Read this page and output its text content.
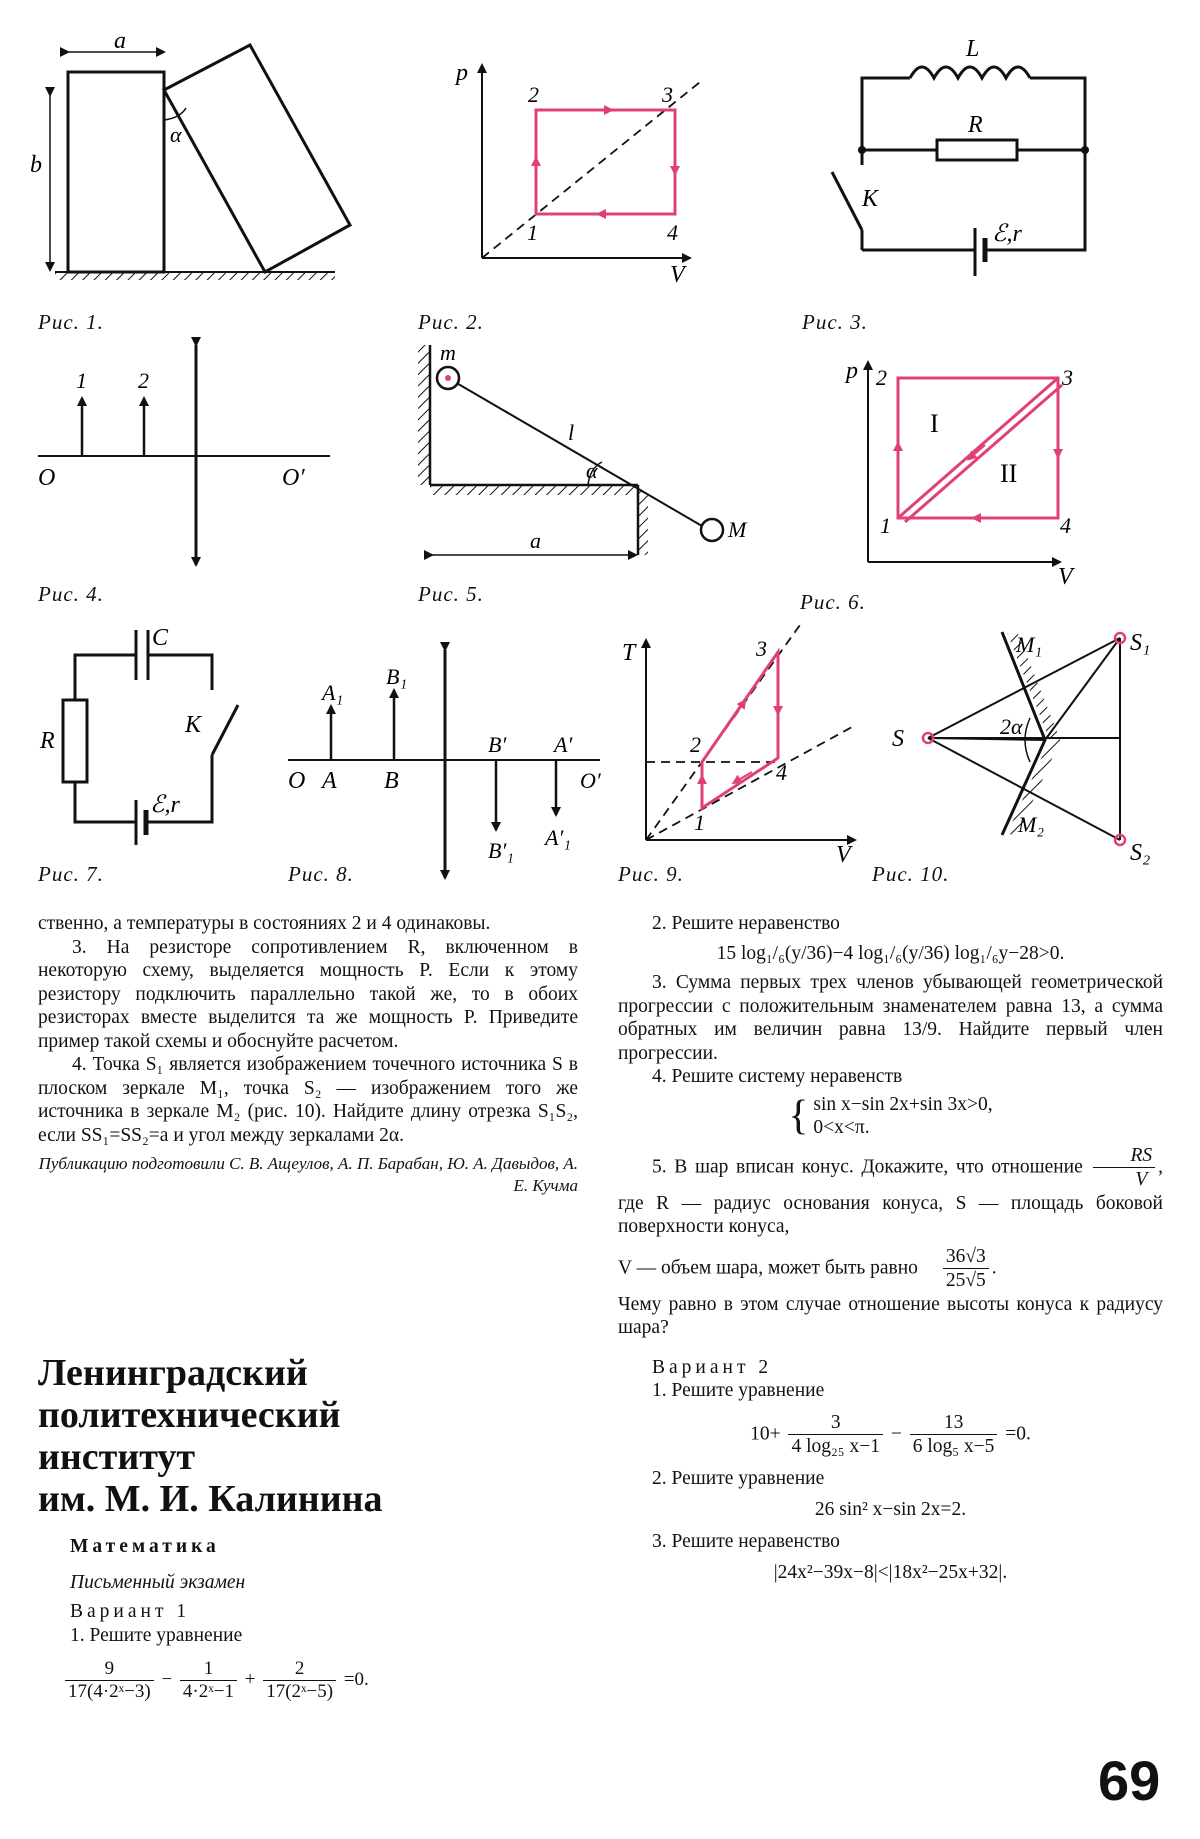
a
b
α
p
V
2	3
1	4
L
R
K
ℰ,r
O	O′
1 2
m
l
α
M
a
p
V
2	3
1	4
I
II
C
R
K
ℰ,r
O A B
A₁
B₁
B′ A′
O′
B′₁
A′₁
T
V
2
3
1
4
S
S₁
S₂
M₁
M₂
2α
Рис. 1.	Рис. 2.	Рис. 3.
Рис. 4.	Рис. 5.	Рис. 6.
Рис. 7.	Рис. 8.	Рис. 9.	Рис. 10.

ственно, а температуры в состояниях 2 и 4 одинаковы.

3. На резисторе сопротивлением R, включенном в некоторую схему, выделяется мощность P. Если к этому резистору подключить параллельно такой же, то в обоих резисторах вместе выделится та же мощность P. Приведите пример такой схемы и обоснуйте расчетом.

4. Точка S₁ является изображением точечного источника S в плоском зеркале M₁, точка S₂ — изображением того же источника в зеркале M₂ (рис. 10). Найдите длину отрезка S₁S₂, если SS₁=SS₂=a и угол между зеркалами 2α.

Публикацию подготовили С. В. Ащеулов, А. П. Барабан, Ю. А. Давыдов, А. Е. Кучма

Ленинградский
политехнический
институт
им. М. И. Калинина

Математика

Письменный экзамен

Вариант 1

1. Решите уравнение

$\frac{9}{\text{17(4·2ˣ−3)}} - \frac{1}{\text{4·2ˣ−1}} + \frac{2}{\text{17(2ˣ−5)}} =0$.

2. Решите неравенство

15 log₁/₆(y/36)−4 log₁/₆(y/36) log₁/₆y−28>0.

3. Сумма первых трех членов убывающей геометрической прогрессии с положительным знаменателем равна 13, а сумма обратных им величин равна 13/9. Найдите первый член прогрессии.

4. Решите систему неравенств

{ sin x−sin 2x+sin 3x>0,
0<x<π.

5. В шар вписан конус. Докажите, что отношение $\frac{RS}{V}$ , где R — радиус основания конуса, S — площадь боковой поверхности конуса,

V — объем шара, может быть равно $\frac{36√3}{25√5}$ .

Чему равно в этом случае отношение высоты конуса к радиусу шара?

Вариант 2

1. Решите уравнение

$10+ \frac{3}{\text{4 log₂₅ x−1}} - \frac{13}{\text{6 log₅ x−5}} =0$.

2. Решите уравнение

26 sin² x−sin 2x=2.

3. Решите неравенство

|24x²−39x−8|<|18x²−25x+32|.

69
